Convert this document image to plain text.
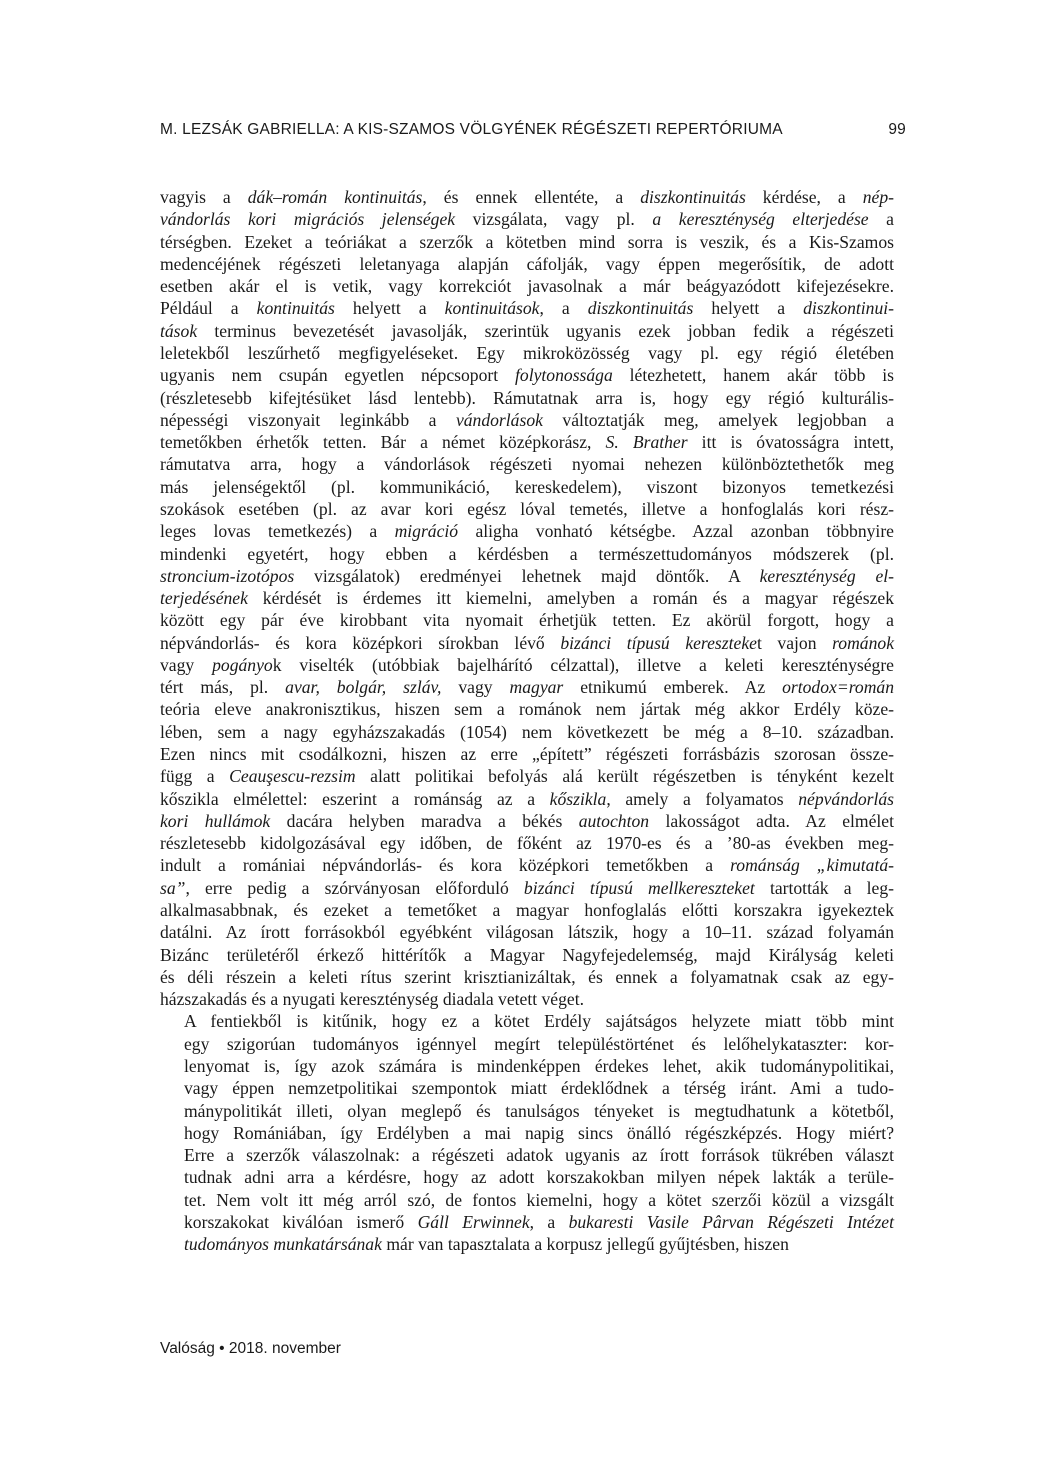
M. LEZSÁK GABRIELLA: A KIS-SZAMOS VÖLGYÉNEK RÉGÉSZETI REPERTÓRIUMA	99

vagyis a dák–román kontinuitás, és ennek ellentéte, a diszkontinuitás kérdése, a nép-
vándorlás kori migrációs jelenségek vizsgálata, vagy pl. a kereszténység elterjedése a
térségben. Ezeket a teóriákat a szerzők a kötetben mind sorra is veszik, és a Kis-Szamos
medencéjének régészeti leletanyaga alapján cáfolják, vagy éppen megerősítik, de adott
esetben akár el is vetik, vagy korrekciót javasolnak a már beágyazódott kifejezésekre.
Például a kontinuitás helyett a kontinuitások, a diszkontinuitás helyett a diszkontinui-
tások terminus bevezetését javasolják, szerintük ugyanis ezek jobban fedik a régészeti
leletekből leszűrhető megfigyeléseket. Egy mikroközösség vagy pl. egy régió életében
ugyanis nem csupán egyetlen népcsoport folytonossága létezhetett, hanem akár több is
(részletesebb kifejtésüket lásd lentebb). Rámutatnak arra is, hogy egy régió kulturális-
népességi viszonyait leginkább a vándorlások változtatják meg, amelyek legjobban a
temetőkben érhetők tetten. Bár a német középkorász, S. Brather itt is óvatosságra intett,
rámutatva arra, hogy a vándorlások régészeti nyomai nehezen különböztethetők meg
más jelenségektől (pl. kommunikáció, kereskedelem), viszont bizonyos temetkezési
szokások esetében (pl. az avar kori egész lóval temetés, illetve a honfoglalás kori rész-
leges lovas temetkezés) a migráció aligha vonható kétségbe. Azzal azonban többnyire
mindenki egyetért, hogy ebben a kérdésben a természettudományos módszerek (pl.
stroncium-izotópos vizsgálatok) eredményei lehetnek majd döntők. A kereszténység el-
terjedésének kérdését is érdemes itt kiemelni, amelyben a román és a magyar régészek
között egy pár éve kirobbant vita nyomait érhetjük tetten. Ez akörül forgott, hogy a
népvándorlás- és kora középkori sírokban lévő bizánci típusú kereszteket vajon románok
vagy pogányok viselték (utóbbiak bajelhárító célzattal), illetve a keleti kereszténységre
tért más, pl. avar, bolgár, szláv, vagy magyar etnikumú emberek. Az ortodox=román
teória eleve anakronisztikus, hiszen sem a románok nem jártak még akkor Erdély köze-
lében, sem a nagy egyházszakadás (1054) nem következett be még a 8–10. században.
Ezen nincs mit csodálkozni, hiszen az erre „épített” régészeti forrásbázis szorosan össze-
függ a Ceauşescu-rezsim alatt politikai befolyás alá került régészetben is tényként kezelt
kőszikla elmélettel: eszerint a románság az a kőszikla, amely a folyamatos népvándorlás
kori hullámok dacára helyben maradva a békés autochton lakosságot adta. Az elmélet
részletesebb kidolgozásával egy időben, de főként az 1970-es és a ’80-as években meg-
indult a romániai népvándorlás- és kora középkori temetőkben a románság „kimutatá-
sa”, erre pedig a szórványosan előforduló bizánci típusú mellkereszteket tartották a leg-
alkalmasabbnak, és ezeket a temetőket a magyar honfoglalás előtti korszakra igyekeztek
datálni. Az írott forrásokból egyébként világosan látszik, hogy a 10–11. század folyamán
Bizánc területéről érkező hittérítők a Magyar Nagyfejedelemség, majd Királyság keleti
és déli részein a keleti rítus szerint krisztianizáltak, és ennek a folyamatnak csak az egy-
házszakadás és a nyugati kereszténység diadala vetett véget.

A fentiekből is kitűnik, hogy ez a kötet Erdély sajátságos helyzete miatt több mint
egy szigorúan tudományos igénnyel megírt településtörténet és lelőhelykataszter: kor-
lenyomat is, így azok számára is mindenképpen érdekes lehet, akik tudománypolitikai,
vagy éppen nemzetpolitikai szempontok miatt érdeklődnek a térség iránt. Ami a tudo-
mánypolitikát illeti, olyan meglepő és tanulságos tényeket is megtudhatunk a kötetből,
hogy Romániában, így Erdélyben a mai napig sincs önálló régészképzés. Hogy miért?
Erre a szerzők válaszolnak: a régészeti adatok ugyanis az írott források tükrében választ
tudnak adni arra a kérdésre, hogy az adott korszakokban milyen népek lakták a terüle-
tet. Nem volt itt még arról szó, de fontos kiemelni, hogy a kötet szerzői közül a vizsgált
korszakokat kiválóan ismerő Gáll Erwinnek, a bukaresti Vasile Pârvan Régészeti Intézet
tudományos munkatársának már van tapasztalata a korpusz jellegű gyűjtésben, hiszen

Valóság • 2018. november
